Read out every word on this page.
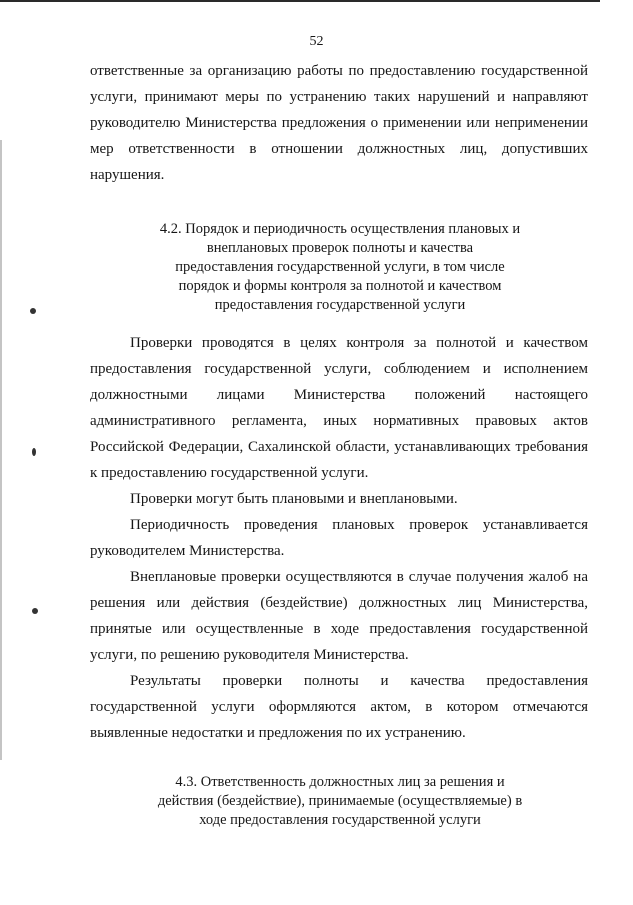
52
ответственные за организацию работы по предоставлению государственной
услуги, принимают меры по устранению таких нарушений и направляют
руководителю Министерства предложения о применении или неприменении
мер ответственности в отношении должностных лиц, допустивших
нарушения.
4.2. Порядок и периодичность осуществления плановых и
внеплановых проверок полноты и качества
предоставления государственной услуги, в том числе
порядок и формы контроля за полнотой и качеством
предоставления государственной услуги
Проверки проводятся в целях контроля за полнотой и качеством
предоставления государственной услуги, соблюдением и исполнением
должностными лицами Министерства положений настоящего
административного регламента, иных нормативных правовых актов
Российской Федерации, Сахалинской области, устанавливающих требования
к предоставлению государственной услуги.
Проверки могут быть плановыми и внеплановыми.
Периодичность проведения плановых проверок устанавливается
руководителем Министерства.
Внеплановые проверки осуществляются в случае получения жалоб на
решения или действия (бездействие) должностных лиц Министерства,
принятые или осуществленные в ходе предоставления государственной
услуги, по решению руководителя Министерства.
Результаты проверки полноты и качества предоставления
государственной услуги оформляются актом, в котором отмечаются
выявленные недостатки и предложения по их устранению.
4.3. Ответственность должностных лиц за решения и
действия (бездействие), принимаемые (осуществляемые) в
ходе предоставления государственной услуги
